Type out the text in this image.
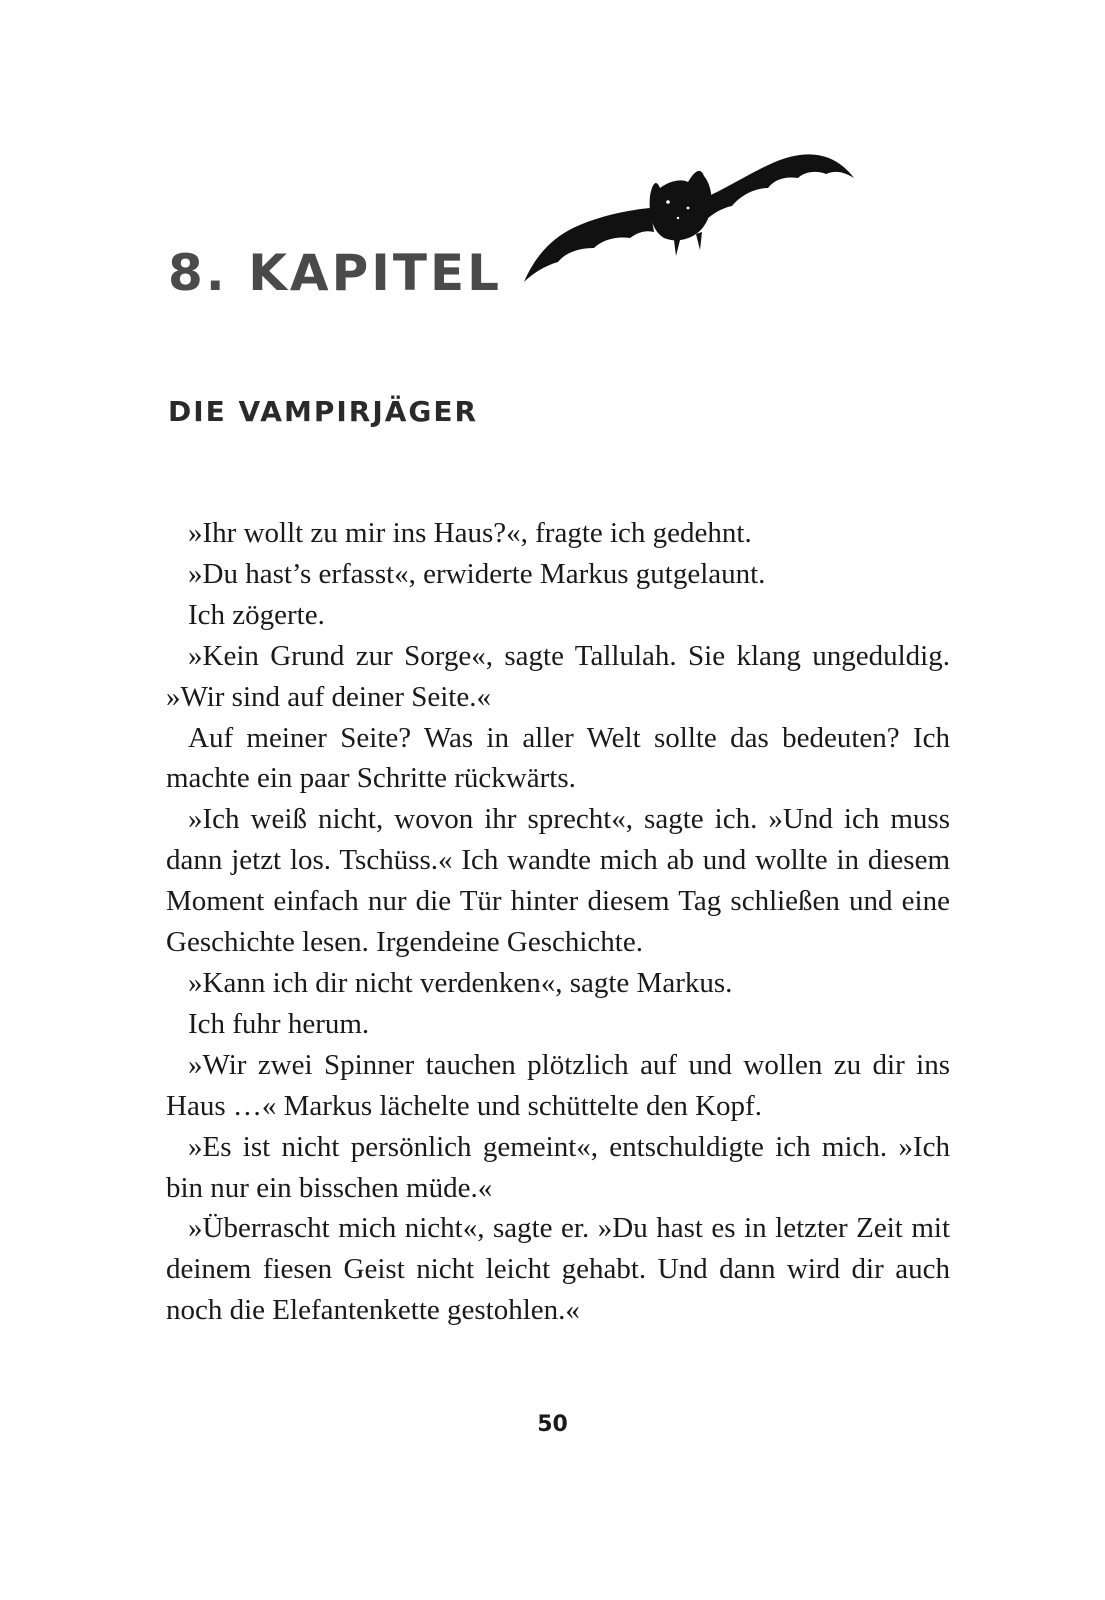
8. KAPITEL
DIE VAMPIRJÄGER

»Ihr wollt zu mir ins Haus?«, fragte ich gedehnt.

»Du hast’s erfasst«, erwiderte Markus gutgelaunt.

Ich zögerte.

»Kein Grund zur Sorge«, sagte Tallulah. Sie klang ungeduldig. »Wir sind auf deiner Seite.«

Auf meiner Seite? Was in aller Welt sollte das bedeuten? Ich machte ein paar Schritte rückwärts.

»Ich weiß nicht, wovon ihr sprecht«, sagte ich. »Und ich muss dann jetzt los. Tschüss.« Ich wandte mich ab und wollte in diesem Moment einfach nur die Tür hinter diesem Tag schließen und eine Geschichte lesen. Irgendeine Geschichte.

»Kann ich dir nicht verdenken«, sagte Markus.

Ich fuhr herum.

»Wir zwei Spinner tauchen plötzlich auf und wollen zu dir ins Haus …« Markus lächelte und schüttelte den Kopf.

»Es ist nicht persönlich gemeint«, entschuldigte ich mich. »Ich bin nur ein bisschen müde.«

»Überrascht mich nicht«, sagte er. »Du hast es in letzter Zeit mit deinem fiesen Geist nicht leicht gehabt. Und dann wird dir auch noch die Elefantenkette gestohlen.«

50
